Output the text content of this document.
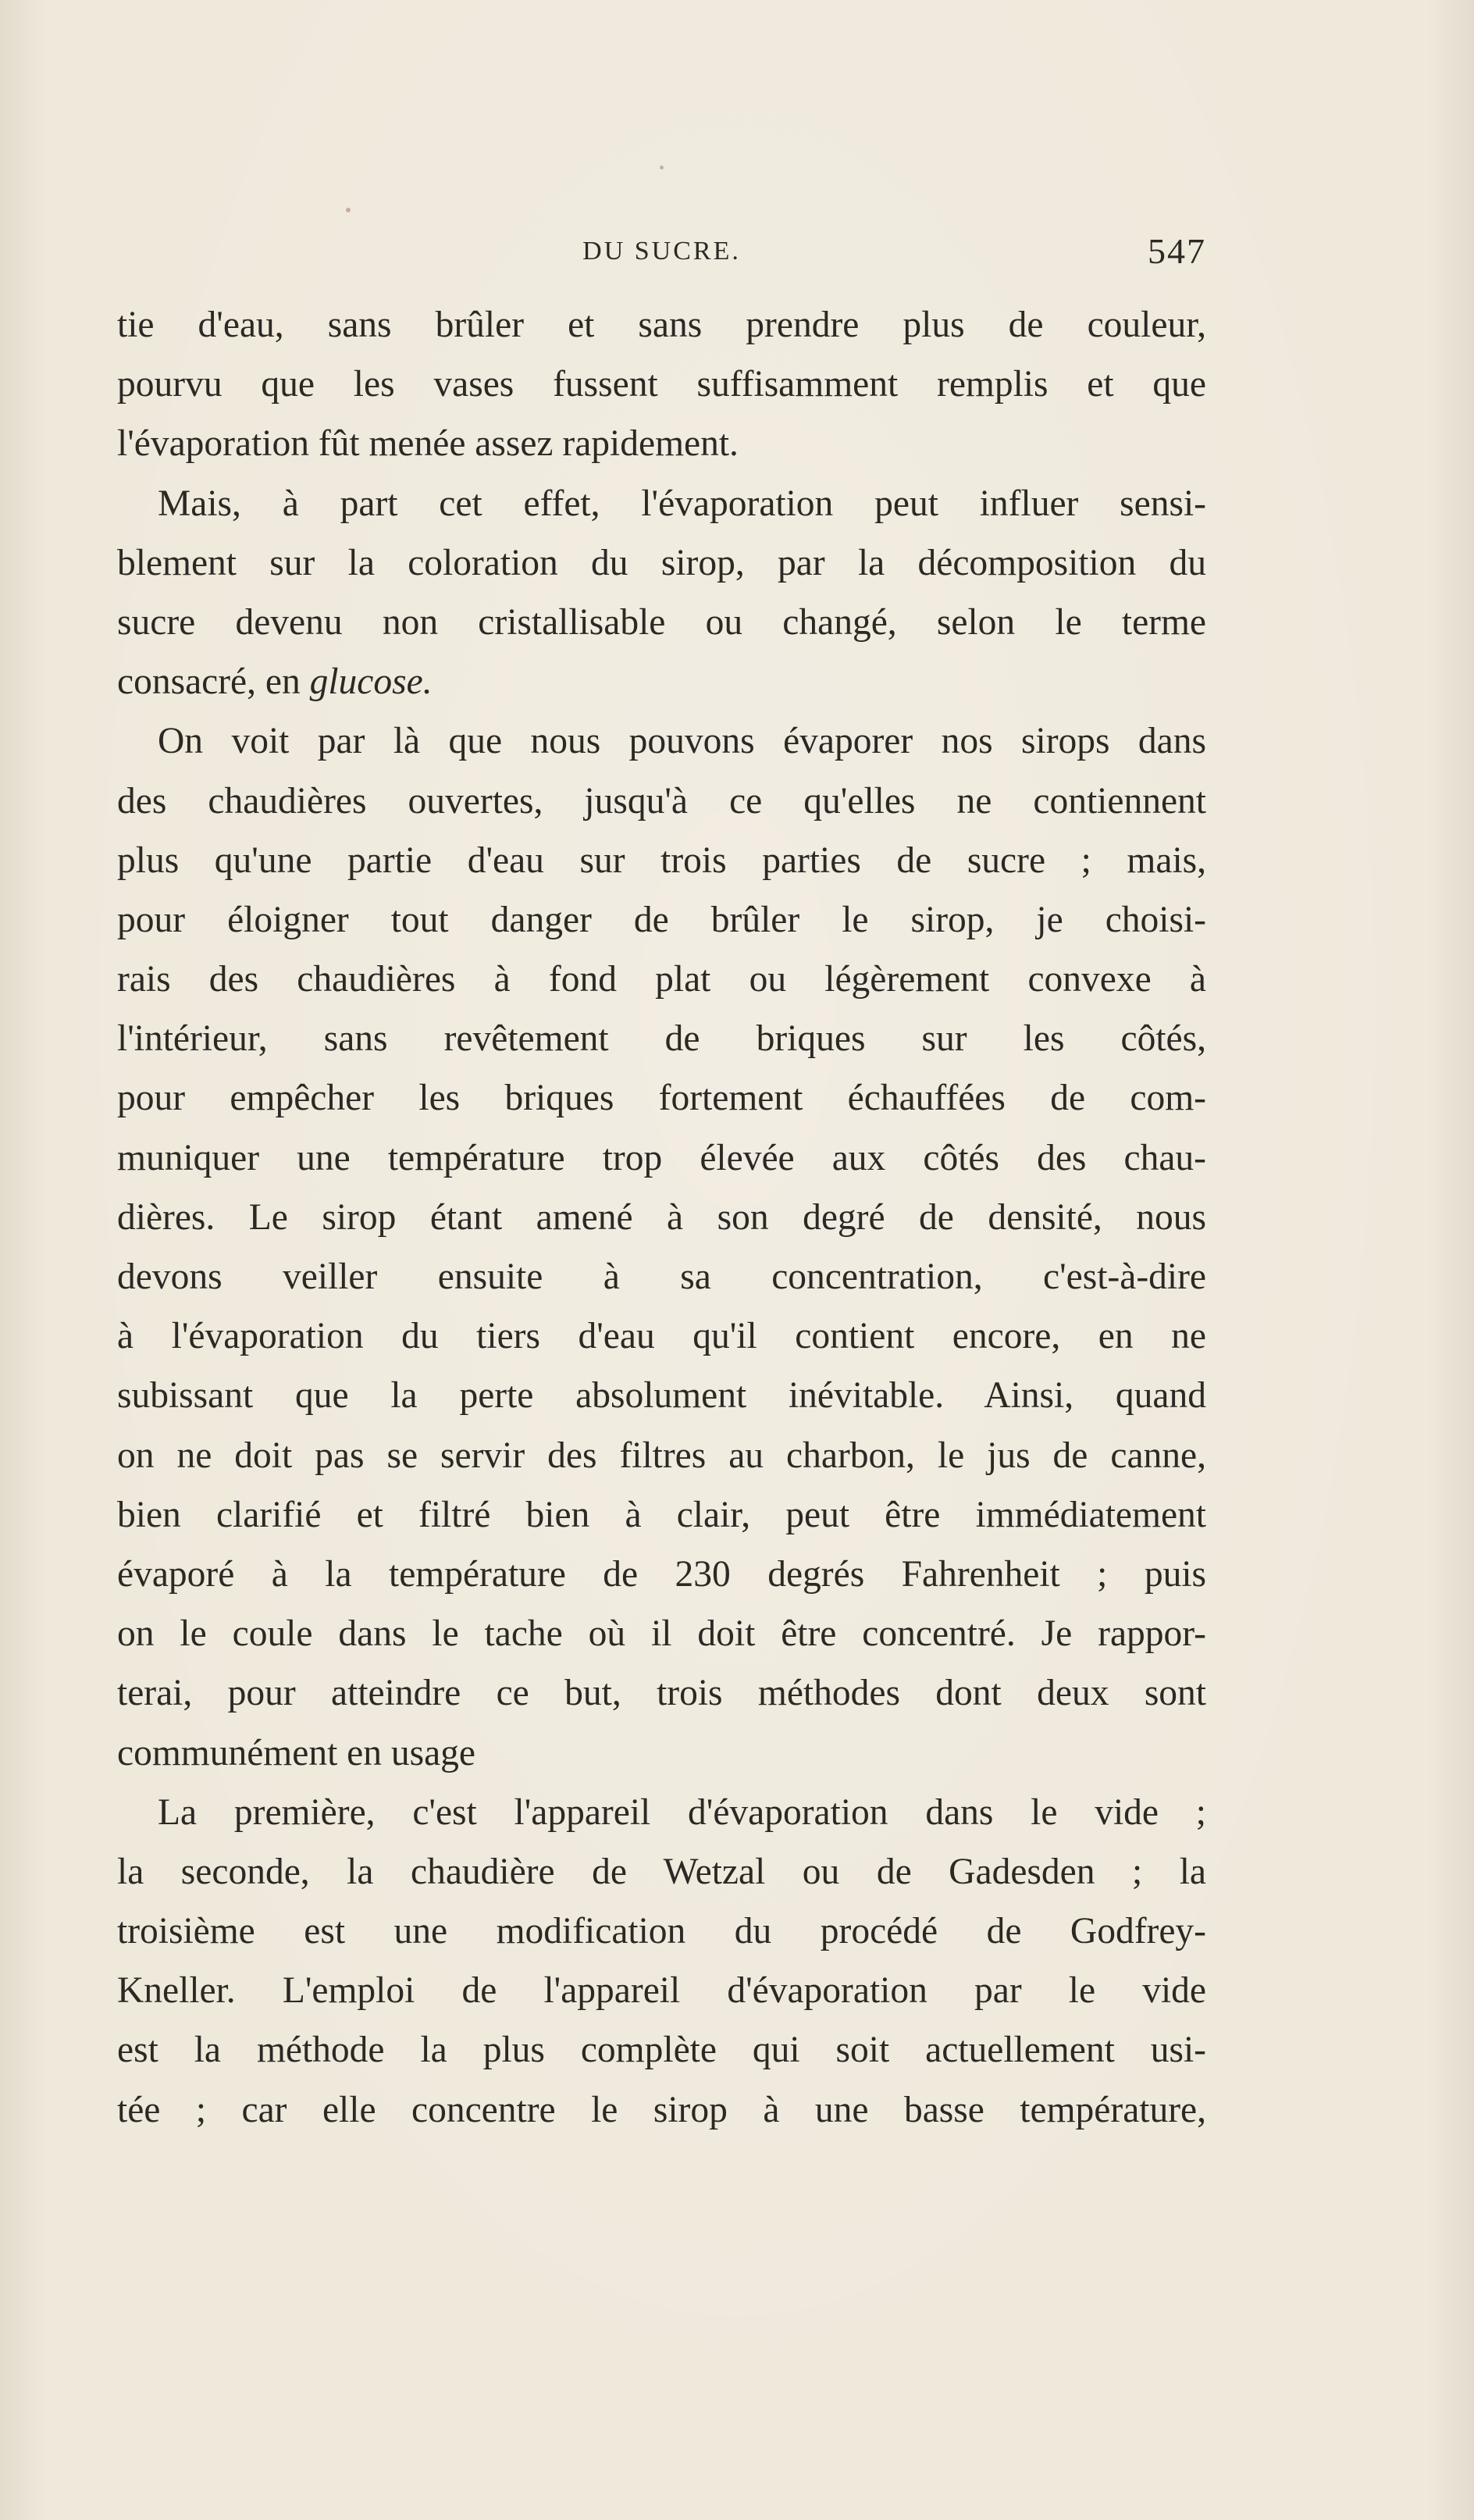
DU SUCRE.	547
tie d'eau, sans brûler et sans prendre plus de couleur,
pourvu que les vases fussent suffisamment remplis et que
l'évaporation fût menée assez rapidement.
Mais, à part cet effet, l'évaporation peut influer sensi-
blement sur la coloration du sirop, par la décomposition du
sucre devenu non cristallisable ou changé, selon le terme
consacré, en glucose.
On voit par là que nous pouvons évaporer nos sirops dans
des chaudières ouvertes, jusqu'à ce qu'elles ne contiennent
plus qu'une partie d'eau sur trois parties de sucre ; mais,
pour éloigner tout danger de brûler le sirop, je choisi-
rais des chaudières à fond plat ou légèrement convexe à
l'intérieur, sans revêtement de briques sur les côtés,
pour empêcher les briques fortement échauffées de com-
muniquer une température trop élevée aux côtés des chau-
dières. Le sirop étant amené à son degré de densité, nous
devons veiller ensuite à sa concentration, c'est-à-dire
à l'évaporation du tiers d'eau qu'il contient encore, en ne
subissant que la perte absolument inévitable. Ainsi, quand
on ne doit pas se servir des filtres au charbon, le jus de canne,
bien clarifié et filtré bien à clair, peut être immédiatement
évaporé à la température de 230 degrés Fahrenheit ; puis
on le coule dans le tache où il doit être concentré. Je rappor-
terai, pour atteindre ce but, trois méthodes dont deux sont
communément en usage
La première, c'est l'appareil d'évaporation dans le vide ;
la seconde, la chaudière de Wetzal ou de Gadesden ; la
troisième est une modification du procédé de Godfrey-
Kneller. L'emploi de l'appareil d'évaporation par le vide
est la méthode la plus complète qui soit actuellement usi-
tée ; car elle concentre le sirop à une basse température,
